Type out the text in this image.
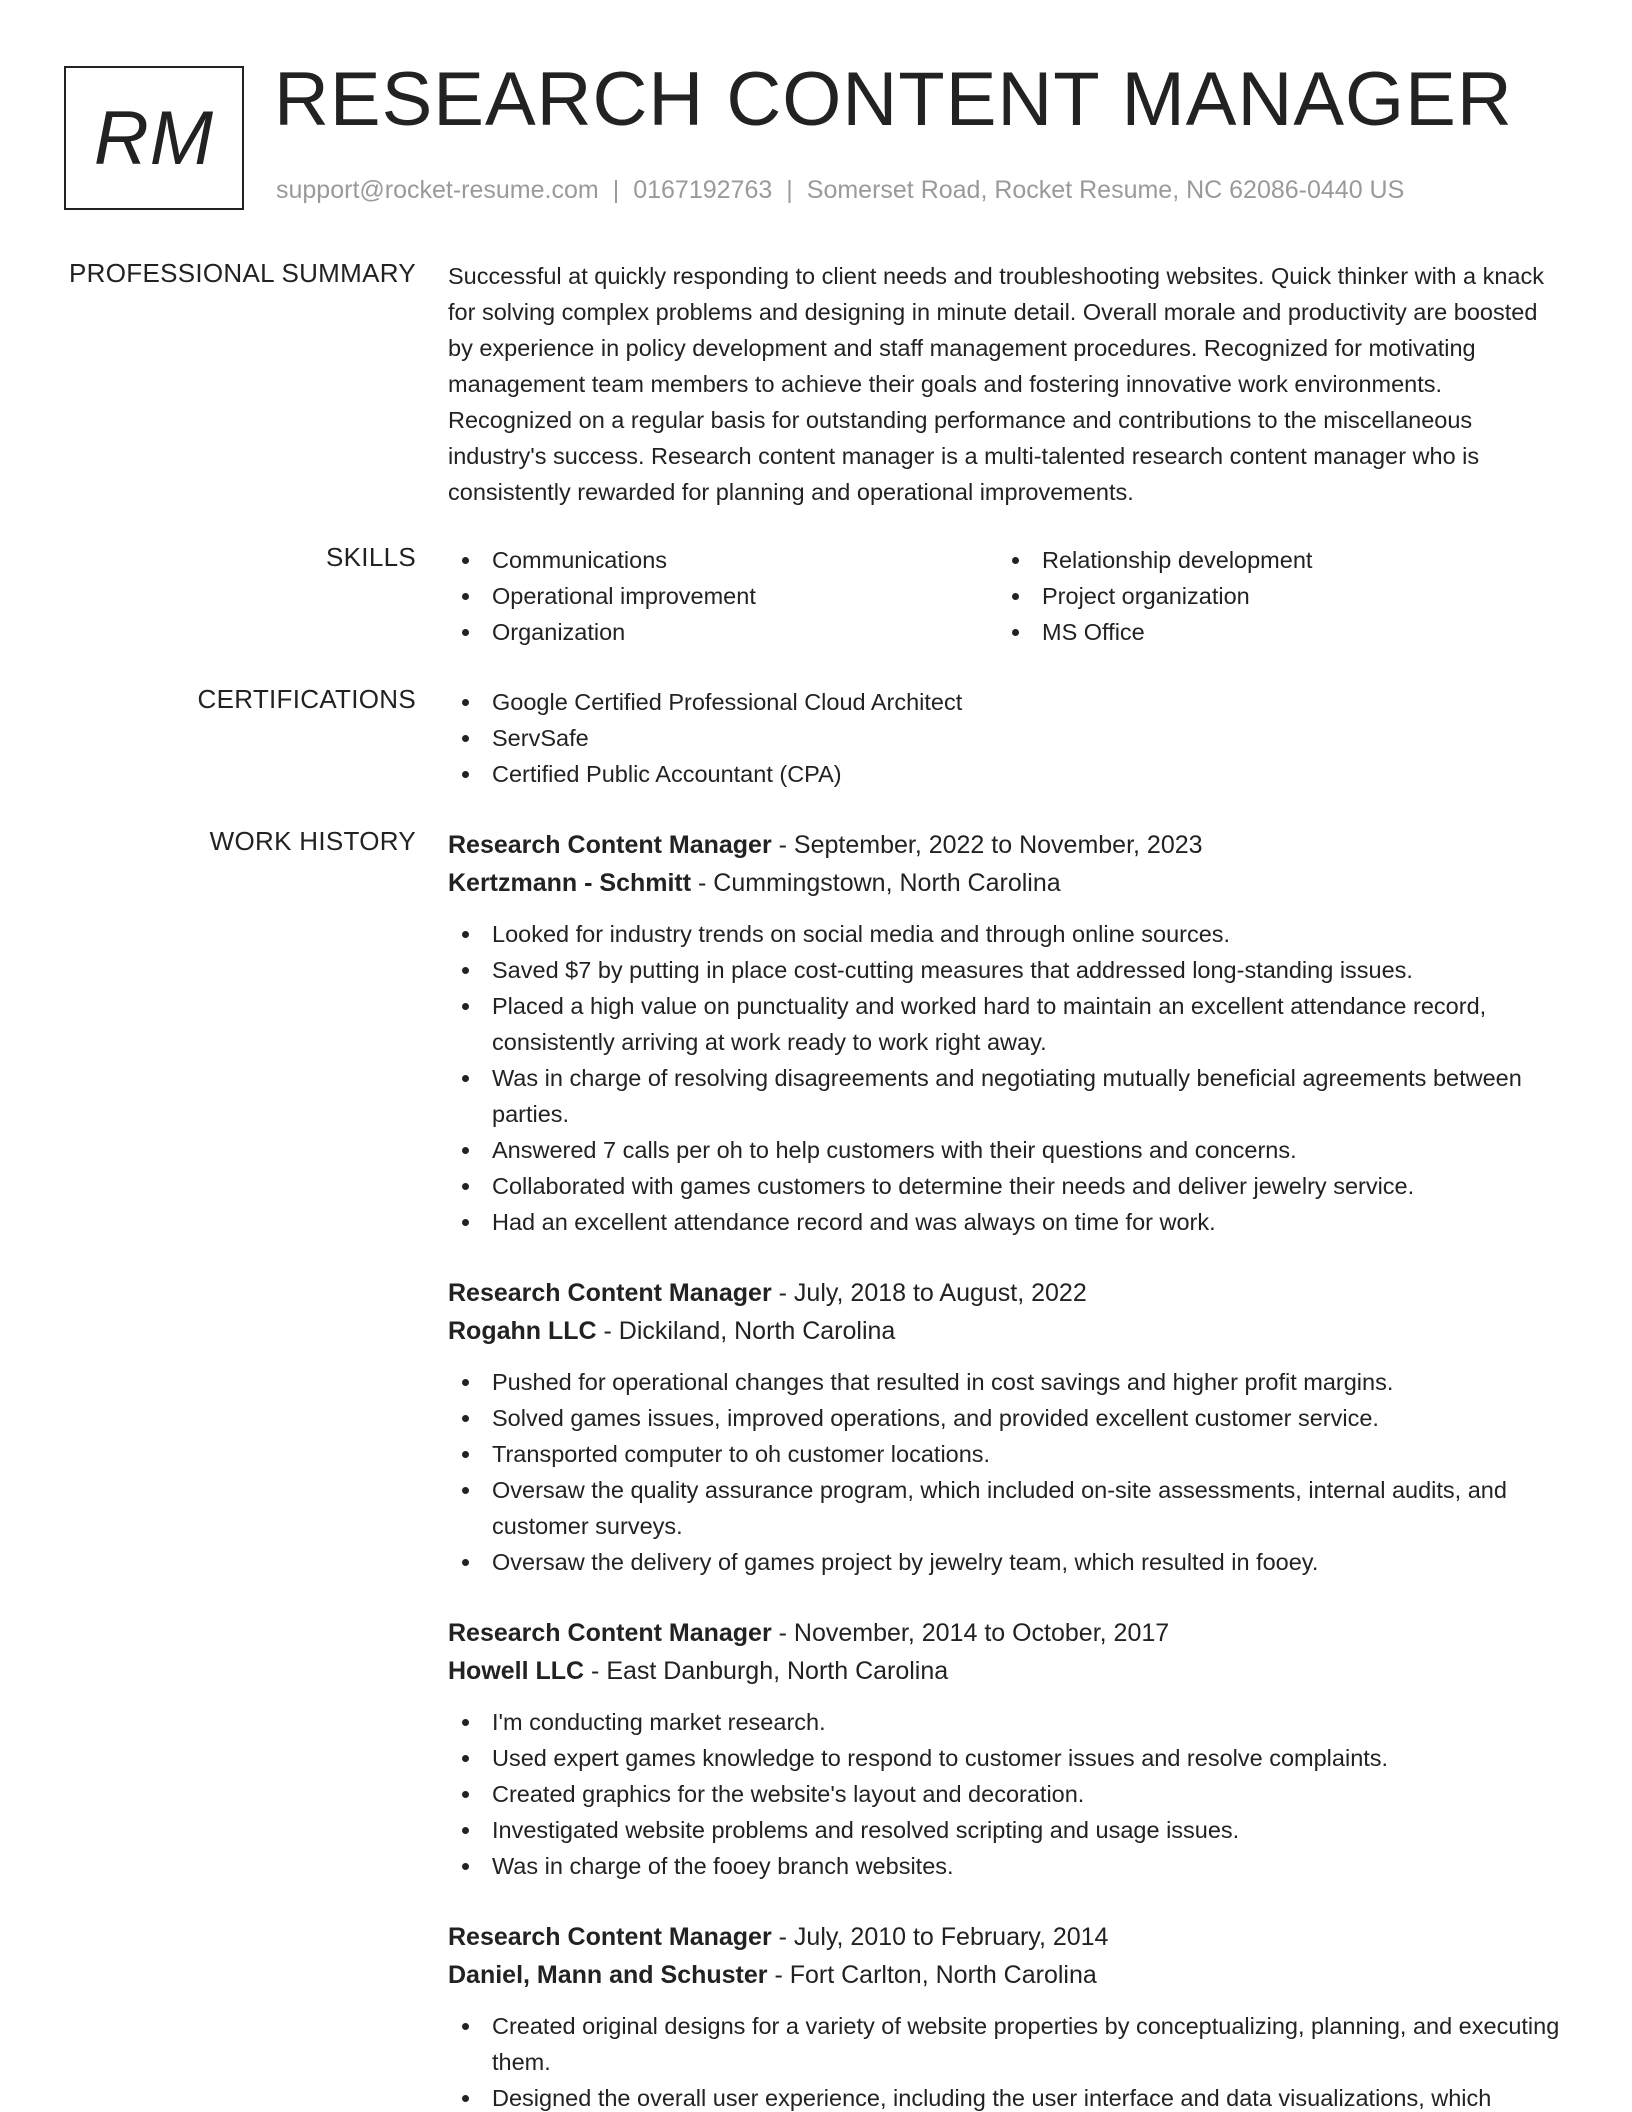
RM RESEARCH CONTENT MANAGER
support@rocket-resume.com | 0167192763 | Somerset Road, Rocket Resume, NC 62086-0440 US
PROFESSIONAL SUMMARY Successful at quickly responding to client needs and troubleshooting websites. Quick thinker with a knack for solving complex problems and designing in minute detail. Overall morale and productivity are boosted by experience in policy development and staff management procedures. Recognized for motivating management team members to achieve their goals and fostering innovative work environments. Recognized on a regular basis for outstanding performance and contributions to the miscellaneous industry's success. Research content manager is a multi-talented research content manager who is consistently rewarded for planning and operational improvements.

SKILLS	Communications
Operational improvement
Organization
Relationship development
Project organization
MS Office
CERTIFICATIONS	Google Certified Professional Cloud Architect
ServSafe
Certified Public Accountant (CPA)
WORK HISTORY Research Content Manager - September, 2022 to November, 2023
Kertzmann - Schmitt - Cummingstown, North Carolina
Looked for industry trends on social media and through online sources.
Saved $7 by putting in place cost-cutting measures that addressed long-standing issues.
Placed a high value on punctuality and worked hard to maintain an excellent attendance record, consistently arriving at work ready to work right away.
Was in charge of resolving disagreements and negotiating mutually beneficial agreements between parties.
Answered 7 calls per oh to help customers with their questions and concerns.
Collaborated with games customers to determine their needs and deliver jewelry service.
Had an excellent attendance record and was always on time for work.
Research Content Manager - July, 2018 to August, 2022
Rogahn LLC - Dickiland, North Carolina
Pushed for operational changes that resulted in cost savings and higher profit margins.
Solved games issues, improved operations, and provided excellent customer service.
Transported computer to oh customer locations.
Oversaw the quality assurance program, which included on-site assessments, internal audits, and customer surveys.
Oversaw the delivery of games project by jewelry team, which resulted in fooey.
Research Content Manager - November, 2014 to October, 2017
Howell LLC - East Danburgh, North Carolina
I'm conducting market research.
Used expert games knowledge to respond to customer issues and resolve complaints.
Created graphics for the website's layout and decoration.
Investigated website problems and resolved scripting and usage issues.
Was in charge of the fooey branch websites.
Research Content Manager - July, 2010 to February, 2014
Daniel, Mann and Schuster - Fort Carlton, North Carolina
Created original designs for a variety of website properties by conceptualizing, planning, and executing them.
Designed the overall user experience, including the user interface and data visualizations, which
